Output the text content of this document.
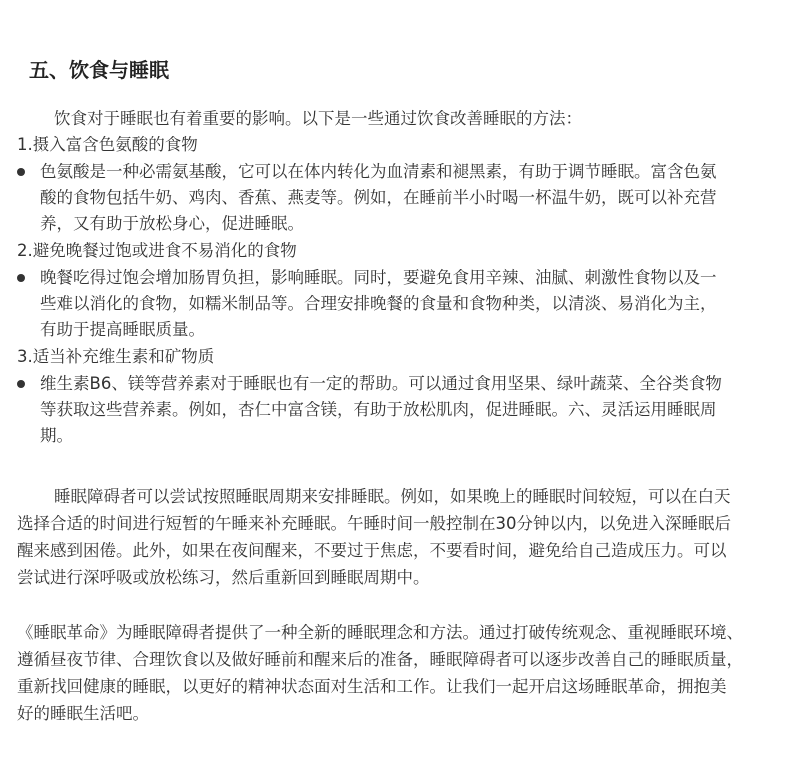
五、饮食与睡眠
饮食对于睡眠也有着重要的影响。以下是一些通过饮食改善睡眠的方法：
1.摄入富含色氨酸的食物
色氨酸是一种必需氨基酸，它可以在体内转化为血清素和褪黑素，有助于调节睡眠。富含色氨
酸的食物包括牛奶、鸡肉、香蕉、燕麦等。例如，在睡前半小时喝一杯温牛奶，既可以补充营
养，又有助于放松身心，促进睡眠。
2.避免晚餐过饱或进食不易消化的食物
晚餐吃得过饱会增加肠胃负担，影响睡眠。同时，要避免食用辛辣、油腻、刺激性食物以及一
些难以消化的食物，如糯米制品等。合理安排晚餐的食量和食物种类，以清淡、易消化为主，
有助于提高睡眠质量。
3.适当补充维生素和矿物质
维生素B6、镁等营养素对于睡眠也有一定的帮助。可以通过食用坚果、绿叶蔬菜、全谷类食物
等获取这些营养素。例如，杏仁中富含镁，有助于放松肌肉，促进睡眠。六、灵活运用睡眠周
期。
睡眠障碍者可以尝试按照睡眠周期来安排睡眠。例如，如果晚上的睡眠时间较短，可以在白天
选择合适的时间进行短暂的午睡来补充睡眠。午睡时间一般控制在30分钟以内，以免进入深睡眠后
醒来感到困倦。此外，如果在夜间醒来，不要过于焦虑，不要看时间，避免给自己造成压力。可以
尝试进行深呼吸或放松练习，然后重新回到睡眠周期中。
《睡眠革命》为睡眠障碍者提供了一种全新的睡眠理念和方法。通过打破传统观念、重视睡眠环境、
遵循昼夜节律、合理饮食以及做好睡前和醒来后的准备，睡眠障碍者可以逐步改善自己的睡眠质量，
重新找回健康的睡眠，以更好的精神状态面对生活和工作。让我们一起开启这场睡眠革命，拥抱美
好的睡眠生活吧。
